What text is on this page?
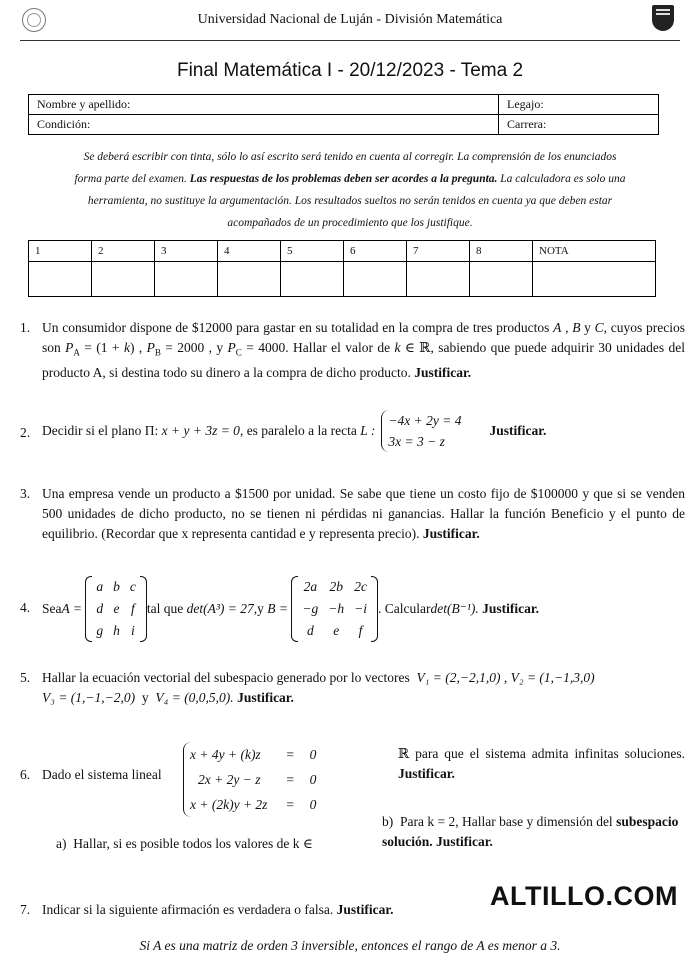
Universidad Nacional de Luján - División Matemática
Final Matemática I - 20/12/2023 - Tema 2
Nombre y apellido:	Legajo:
Condición:	Carrera:
Se deberá escribir con tinta, sólo lo así escrito será tenido en cuenta al corregir. La comprensión de los enunciados
forma parte del examen. Las respuestas de los problemas deben ser acordes a la pregunta. La calculadora es solo una
herramienta, no sustituye la argumentación. Los resultados sueltos no serán tenidos en cuenta ya que deben estar
acompañados de un procedimiento que los justifique.
1	2	3	4	5	6	7	8	NOTA

1. Un consumidor dispone de $12000 para gastar en su totalidad en la compra de tres productos A , B y C, cuyos precios son $P_A = (1 + k)$ , $P_B = 2000$ , y $P_C = 4000$. Hallar el valor de k ∈ ℝ, sabiendo que puede adquirir 30 unidades del producto A, si destina todo su dinero a la compra de dicho producto. Justificar.
2. Decidir si el plano Π:
x + y + 3z = 0 , es paralelo a la recta
L :
−4x + 2y = 4
3x = 3 − z
Justificar.
3. Una empresa vende un producto a $1500 por unidad. Se sabe que tiene un costo fijo de $100000 y que si se venden 500 unidades de dicho producto, no se tienen ni pérdidas ni ganancias. Hallar la función Beneficio y el punto de equilibrio. (Recordar que x representa cantidad e y representa precio). Justificar.
4. Sea A =

a	b	c
d	e	f
g	h	i
tal que
det(A³) = 27, y
B =

2a	2b	2c
−g	−h	−i
d	e	f
. Calcular det(B⁻¹).
Justificar.
5. Hallar la ecuación vectorial del subespacio generado por lo vectores  V₁ = (2,−2,1,0) , V₂ = (1,−1,3,0)
V₃ = (1,−1,−2,0)  y  V₄ = (0,0,5,0). Justificar.
6. Dado el sistema lineal
x + 4y + (k)z	=	0
2x + 2y − z	=	0
x + (2k)y + 2z	=	0
ℝ para que el sistema admita infinitas soluciones. Justificar.
b) Para k = 2, Hallar base y dimensión del subespacio solución. Justificar.
a) Hallar, si es posible todos los valores de k ∈
ALTILLO.COM
7. Indicar si la siguiente afirmación es verdadera o falsa. Justificar.
Si A es una matriz de orden 3 inversible, entonces el rango de A es menor a 3.
